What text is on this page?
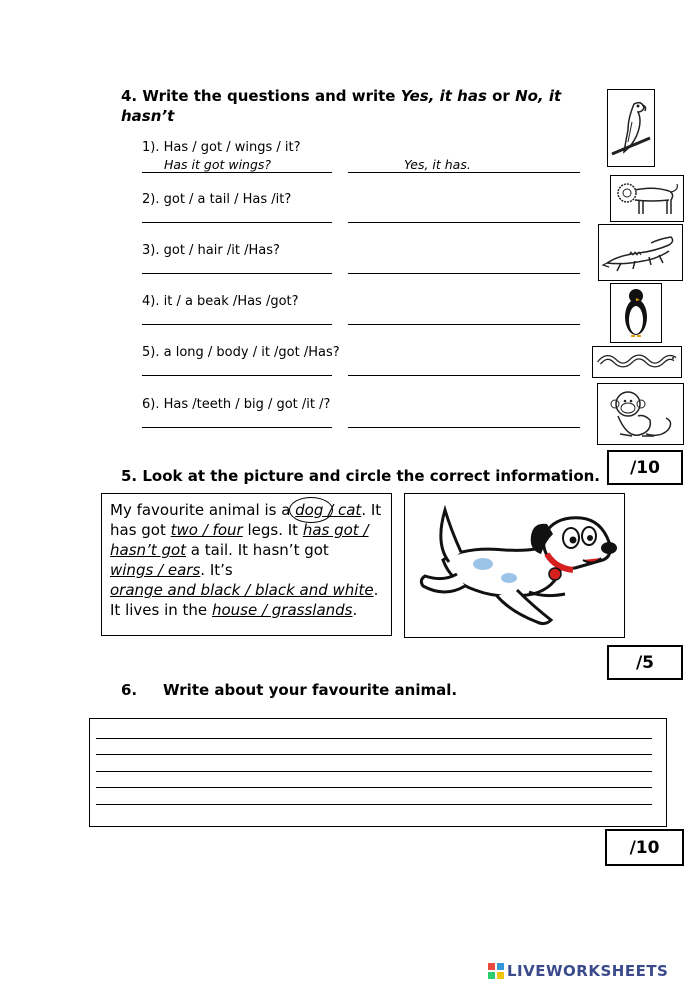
4. Write the questions and write Yes, it has or No, it
hasn’t
1). Has / got / wings / it?
Has it got wings?	Yes, it has.
2). got / a tail / Has /it?
3). got / hair /it /Has?
4). it / a beak /Has /got?
5). a long / body / it /got /Has?
6). Has /teeth / big / got /it /?
/10
5. Look at the picture and circle the correct information.
My favourite animal is a dog
/ cat. It
has got two / four legs. It has got /
hasn’t got a tail. It hasn’t got
wings / ears. It’s
orange and black / black and white.
It lives in the house / grasslands.
/5
6. Write about your favourite animal.
/10
LIVEWORKSHEETS
